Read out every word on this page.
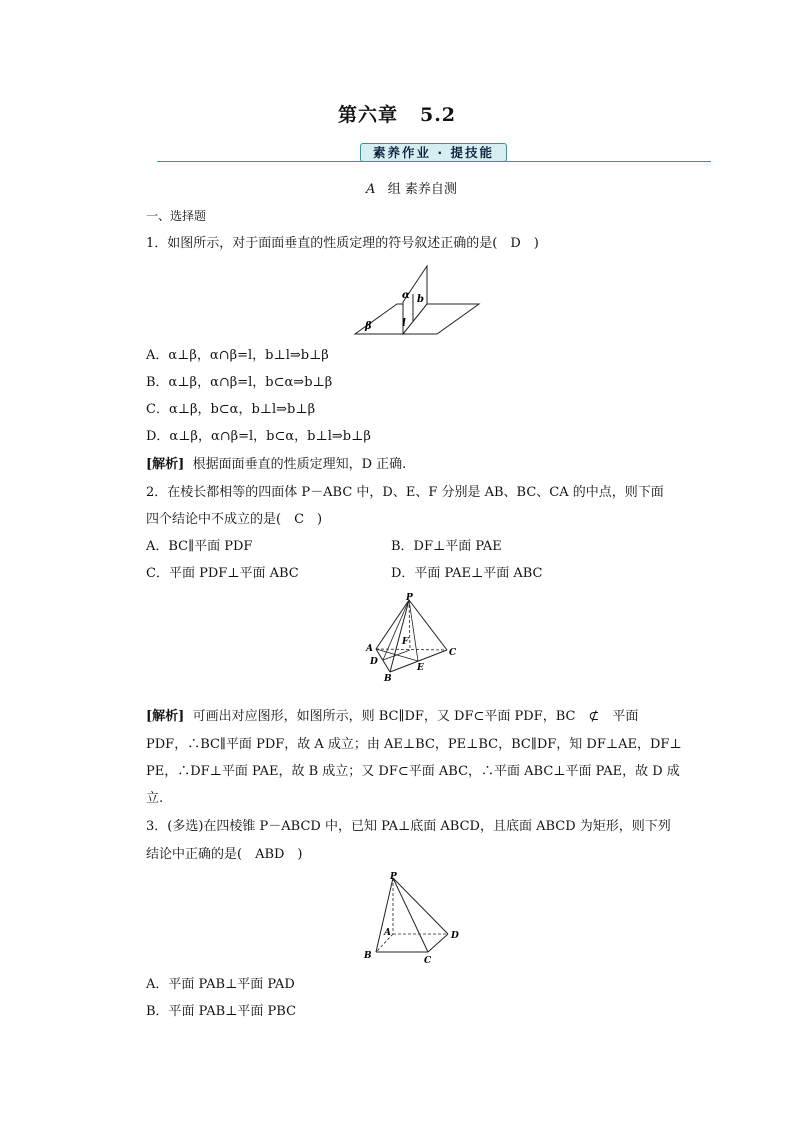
第六章 5.2
素养作业 · 提技能
A 组 素养自测
一、选择题
1．如图所示，对于面面垂直的性质定理的符号叙述正确的是(　D　)
α b
β	l
A．α⊥β，α∩β=l，b⊥l⇒b⊥β
B．α⊥β，α∩β=l，b⊂α⇒b⊥β
C．α⊥β，b⊂α，b⊥l⇒b⊥β
D．α⊥β，α∩β=l，b⊂α，b⊥l⇒b⊥β
[解析] 根据面面垂直的性质定理知，D 正确.
2．在棱长都相等的四面体 P－ABC 中，D、E、F 分别是 AB、BC、CA 的中点，则下面
四个结论中不成立的是(　C　)
A．BC∥平面 PDF	B．DF⊥平面 PAE
C．平面 PDF⊥平面 ABC	D．平面 PAE⊥平面 ABC
P
A
F
C
D
E
B
[解析] 可画出对应图形，如图所示，则 BC∥DF，又 DF⊂平面 PDF，BC　⊄　平面
PDF，∴BC∥平面 PDF，故 A 成立；由 AE⊥BC，PE⊥BC，BC∥DF，知 DF⊥AE，DF⊥
PE，∴DF⊥平面 PAE，故 B 成立；又 DF⊂平面 ABC，∴平面 ABC⊥平面 PAE，故 D 成
立.
3．(多选)在四棱锥 P－ABCD 中，已知 PA⊥底面 ABCD，且底面 ABCD 为矩形，则下列
结论中正确的是(　ABD　)
P
A	D
B	C
A．平面 PAB⊥平面 PAD
B．平面 PAB⊥平面 PBC
